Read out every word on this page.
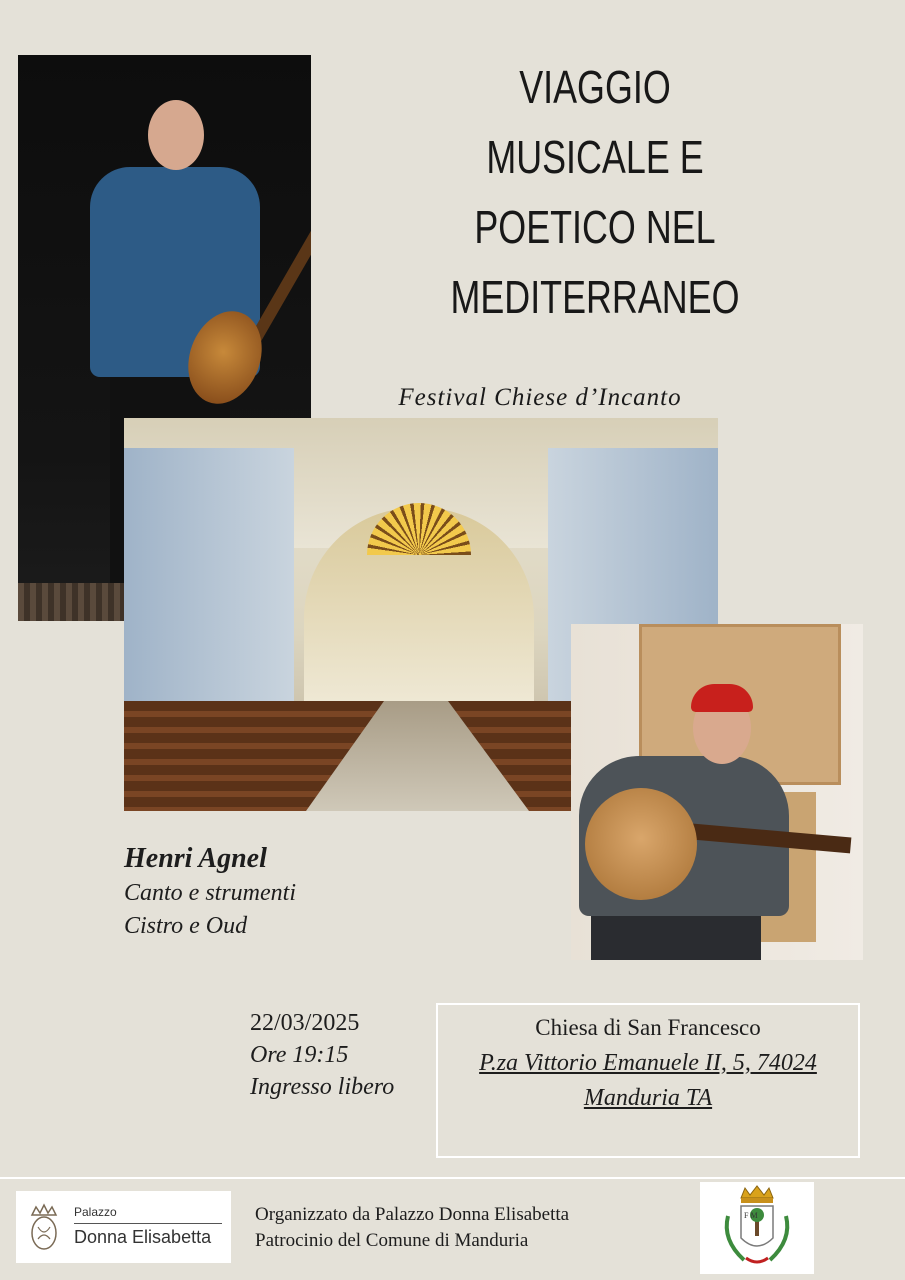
VIAGGIO
MUSICALE E
POETICO NEL
MEDITERRANEO
Festival Chiese d’Incanto
Henri Agnel
Canto e strumenti
Cistro e Oud
22/03/2025
Ore 19:15
Ingresso libero
Chiesa di San Francesco
P.za Vittorio Emanuele II, 5, 74024
Manduria TA
Palazzo
Donna Elisabetta
Organizzato da Palazzo Donna Elisabetta
Patrocinio del Comune di Manduria
F M
